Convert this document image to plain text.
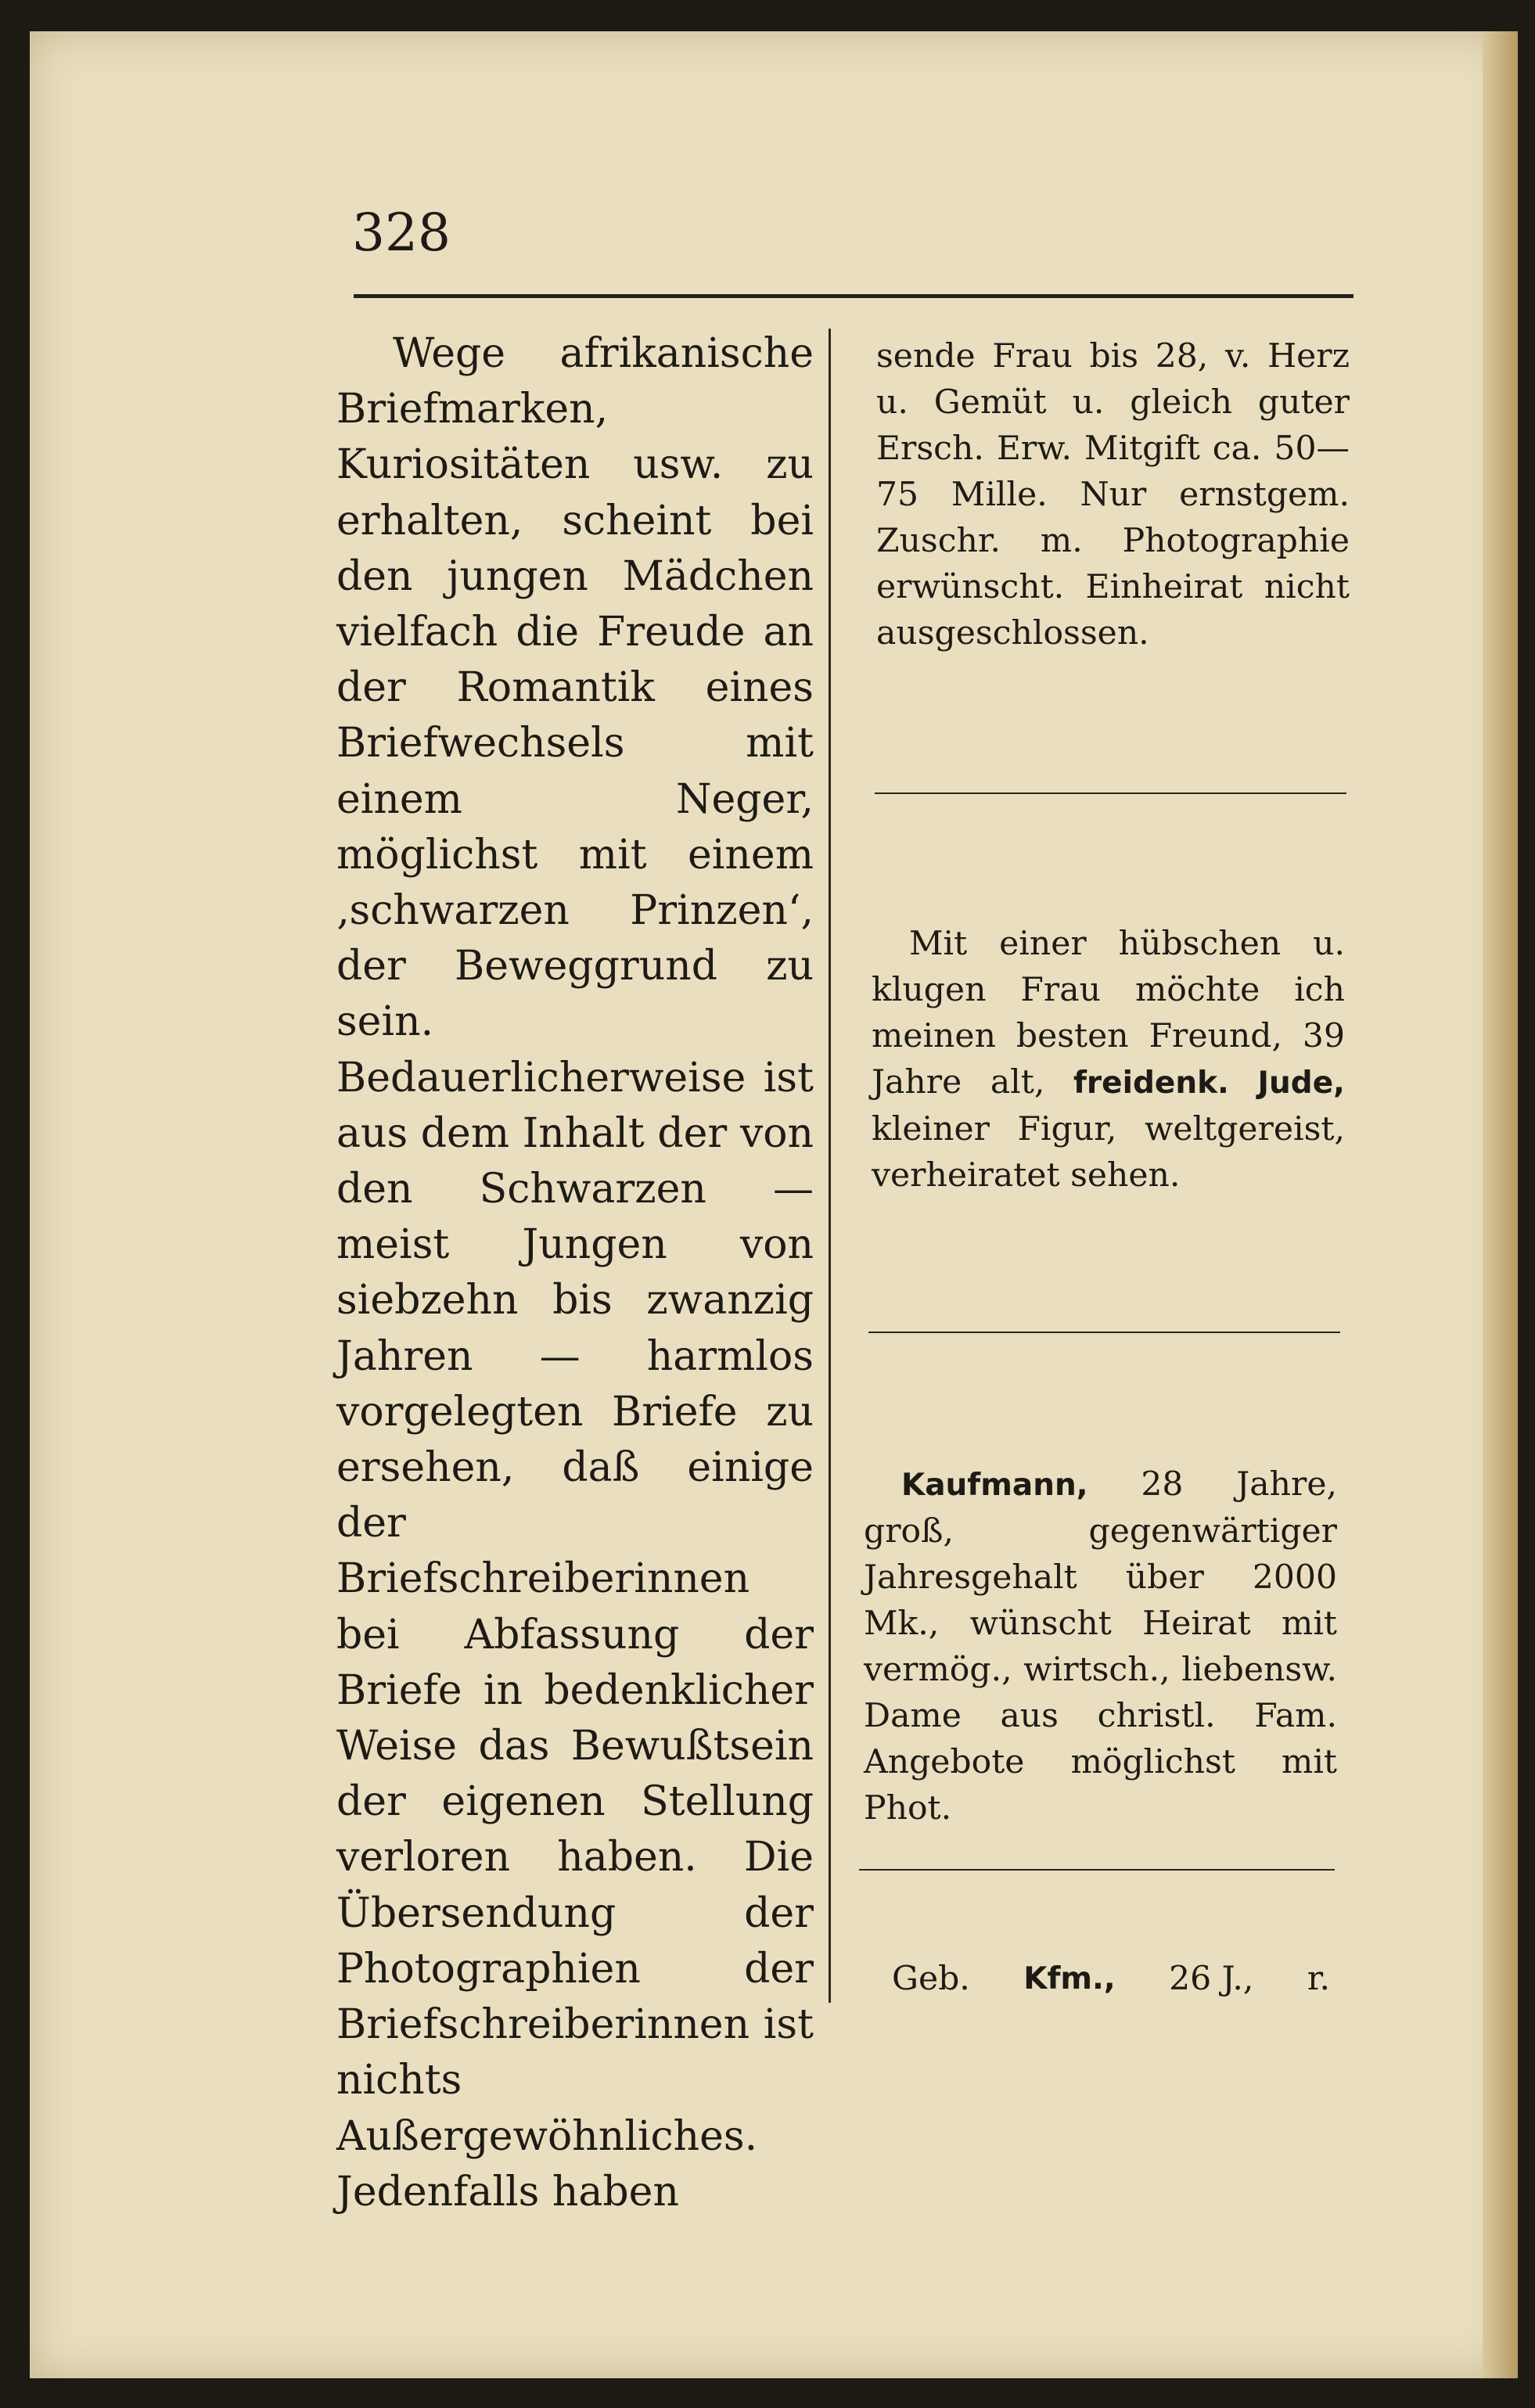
328

Wege afrikanische Briefmarken, Kuriositäten usw. zu erhalten, scheint bei den jungen Mädchen vielfach die Freude an der Romantik eines Briefwechsels mit einem Neger, möglichst mit einem ‚schwarzen Prinzen‘, der Beweggrund zu sein. Bedauerlicherweise ist aus dem Inhalt der von den Schwarzen — meist Jungen von siebzehn bis zwanzig Jahren — harmlos vorgelegten Briefe zu ersehen, daß einige der Briefschreiberinnen bei Abfassung der Briefe in bedenklicher Weise das Bewußtsein der eigenen Stellung verloren haben. Die Übersendung der Photographien der Briefschreiberinnen ist nichts Außergewöhnliches. Jedenfalls haben

sende Frau bis 28, v. Herz u. Gemüt u. gleich guter Ersch. Erw. Mitgift ca. 50—75 Mille. Nur ernstgem. Zuschr. m. Photographie erwünscht. Einheirat nicht ausgeschlossen.

Mit einer hübschen u. klugen Frau möchte ich meinen besten Freund, 39 Jahre alt, freidenk. Jude, kleiner Figur, weltgereist, verheiratet sehen.

Kaufmann, 28 Jahre, groß, gegenwärtiger Jahresgehalt über 2000 Mk., wünscht Heirat mit vermög., wirtsch., liebensw. Dame aus christl. Fam. Angebote möglichst mit Phot.

Geb. Kfm., 26 J., r.
